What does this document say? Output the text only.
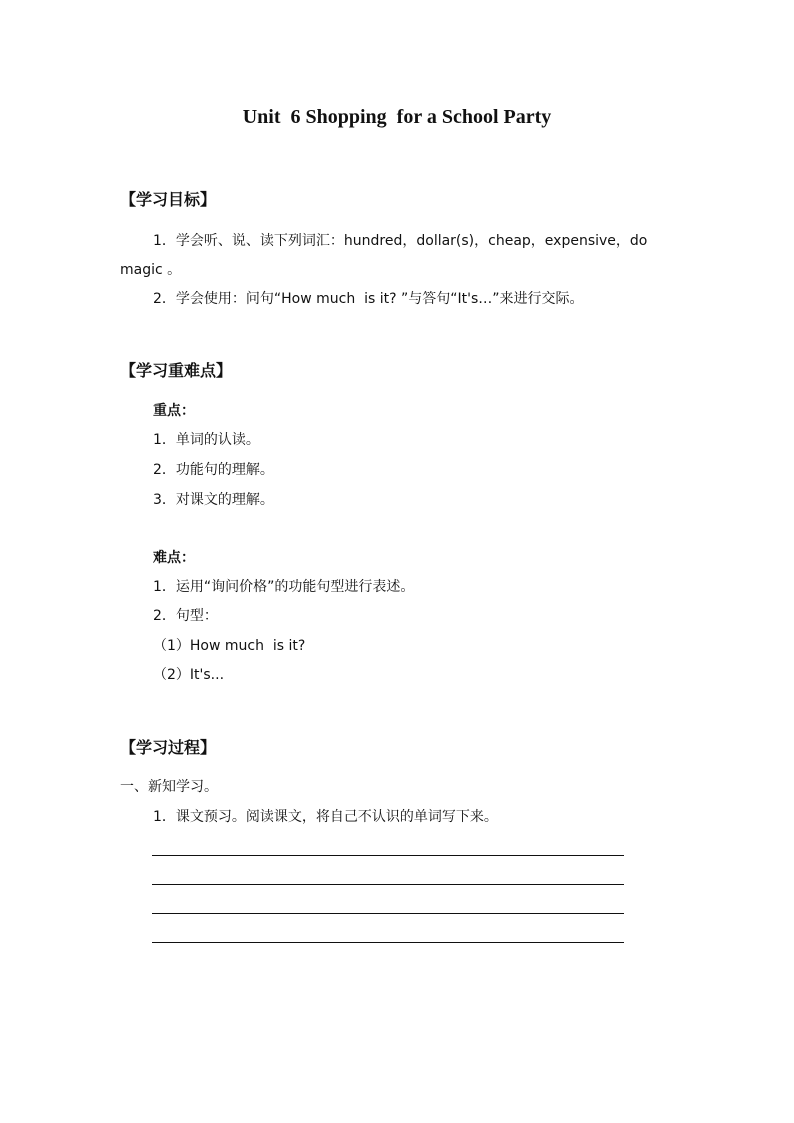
Unit  6 Shopping  for a School Party
【学习目标】
1．学会听、说、读下列词汇：hundred，dollar(s)，cheap，expensive，do
magic 。
2．学会使用：问句“How much  is it? ”与答句“It's…”来进行交际。
【学习重难点】
重点：
1．单词的认读。
2．功能句的理解。
3．对课文的理解。
难点：
1．运用“询问价格”的功能句型进行表述。
2．句型：
（1）How much  is it?
（2）It's...
【学习过程】
一、新知学习。
1．课文预习。阅读课文，将自己不认识的单词写下来。
